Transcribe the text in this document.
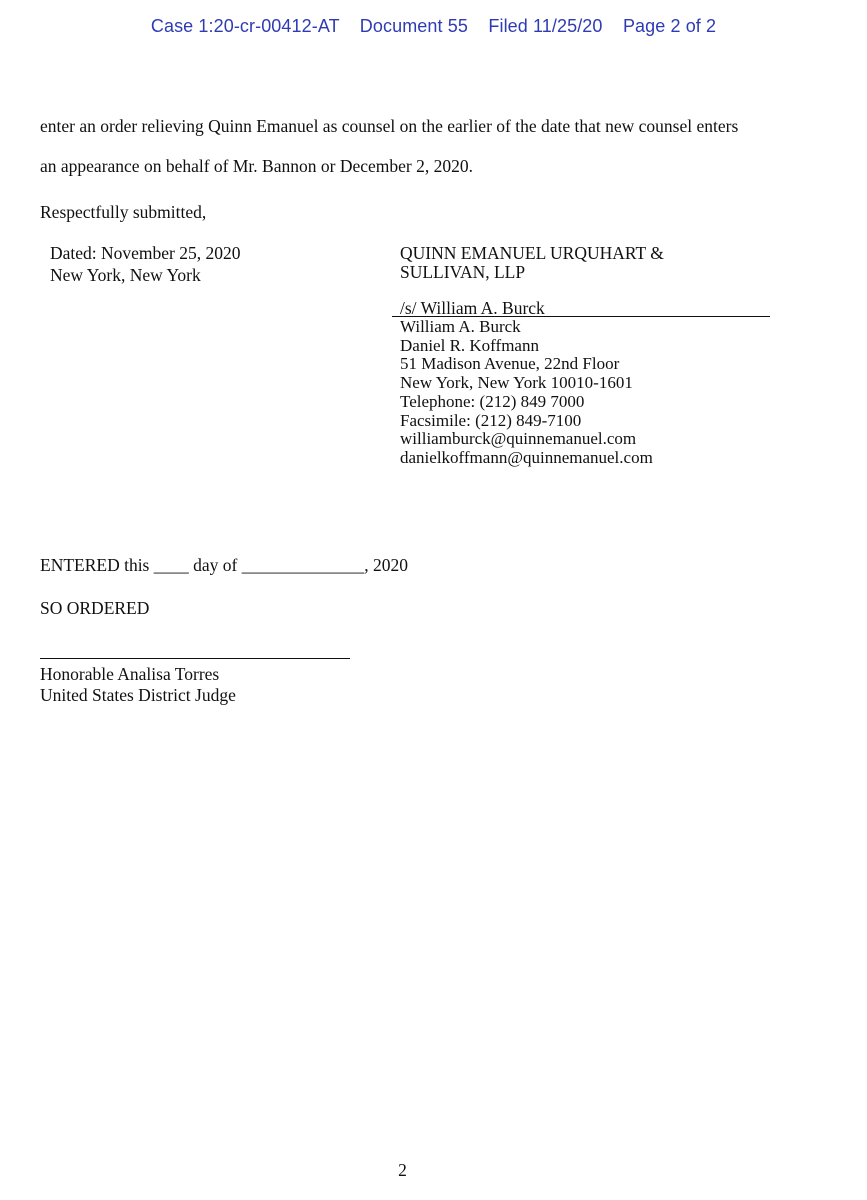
Case 1:20-cr-00412-AT Document 55 Filed 11/25/20 Page 2 of 2
enter an order relieving Quinn Emanuel as counsel on the earlier of the date that new counsel enters
an appearance on behalf of Mr. Bannon or December 2, 2020.
Respectfully submitted,
Dated: November 25, 2020
New York, New York
QUINN EMANUEL URQUHART &
SULLIVAN, LLP
/s/ William A. Burck
William A. Burck
Daniel R. Koffmann
51 Madison Avenue, 22nd Floor
New York, New York 10010-1601
Telephone: (212) 849 7000
Facsimile: (212) 849-7100
williamburck@quinnemanuel.com
danielkoffmann@quinnemanuel.com
ENTERED this ____ day of ______________, 2020
SO ORDERED
Honorable Analisa Torres
United States District Judge
2
